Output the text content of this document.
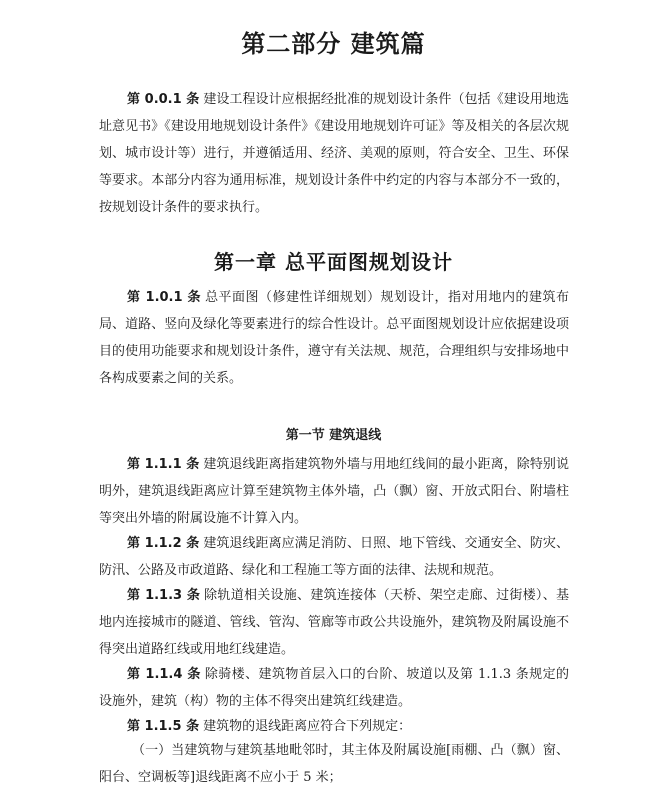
第二部分 建筑篇
第 0.0.1 条 建设工程设计应根据经批准的规划设计条件（包括《建设用地选址意见书》《建设用地规划设计条件》《建设用地规划许可证》等及相关的各层次规划、城市设计等）进行，并遵循适用、经济、美观的原则，符合安全、卫生、环保等要求。本部分内容为通用标准，规划设计条件中约定的内容与本部分不一致的，按规划设计条件的要求执行。
第一章 总平面图规划设计
第 1.0.1 条 总平面图（修建性详细规划）规划设计，指对用地内的建筑布局、道路、竖向及绿化等要素进行的综合性设计。总平面图规划设计应依据建设项目的使用功能要求和规划设计条件，遵守有关法规、规范，合理组织与安排场地中各构成要素之间的关系。
第一节 建筑退线
第 1.1.1 条 建筑退线距离指建筑物外墙与用地红线间的最小距离，除特别说明外，建筑退线距离应计算至建筑物主体外墙，凸（飘）窗、开放式阳台、附墙柱等突出外墙的附属设施不计算入内。
第 1.1.2 条 建筑退线距离应满足消防、日照、地下管线、交通安全、防灾、防汛、公路及市政道路、绿化和工程施工等方面的法律、法规和规范。
第 1.1.3 条 除轨道相关设施、建筑连接体（天桥、架空走廊、过街楼）、基地内连接城市的隧道、管线、管沟、管廊等市政公共设施外，建筑物及附属设施不得突出道路红线或用地红线建造。
第 1.1.4 条 除骑楼、建筑物首层入口的台阶、坡道以及第 1.1.3 条规定的设施外，建筑（构）物的主体不得突出建筑红线建造。
第 1.1.5 条 建筑物的退线距离应符合下列规定：
（一）当建筑物与建筑基地毗邻时，其主体及附属设施[雨棚、凸（飘）窗、阳台、空调板等]退线距离不应小于 5 米；
